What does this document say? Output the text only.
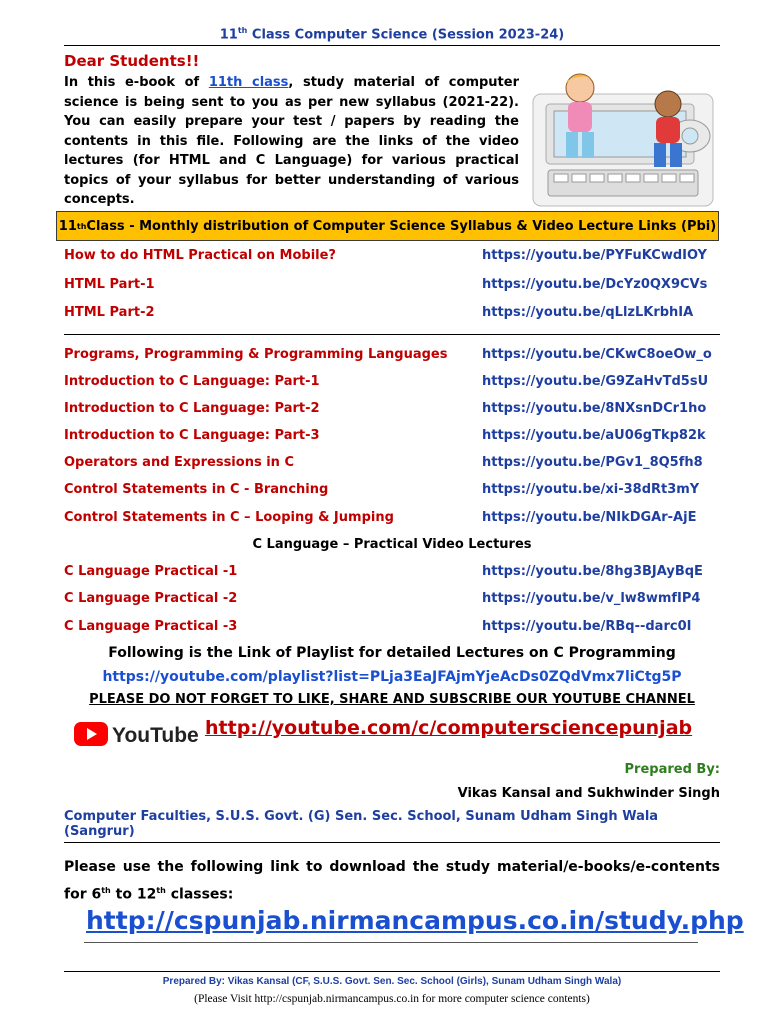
11th Class Computer Science (Session 2023-24)
Dear Students!!
In this e-book of 11th class, study material of computer science is being sent to you as per new syllabus (2021-22). You can easily prepare your test / papers by reading the contents in this file. Following are the links of the video lectures (for HTML and C Language) for various practical topics of your syllabus for better understanding of various concepts.
11 th Class - Monthly distribution of Computer Science Syllabus & Video Lecture Links (Pbi)
How to do HTML Practical on Mobile?	https://youtu.be/PYFuKCwdIOY
HTML Part-1	https://youtu.be/DcYz0QX9CVs
HTML Part-2	https://youtu.be/qLlzLKrbhIA
Programs, Programming & Programming Languages	https://youtu.be/CKwC8oeOw_o
Introduction to C Language: Part-1	https://youtu.be/G9ZaHvTd5sU
Introduction to C Language: Part-2	https://youtu.be/8NXsnDCr1ho
Introduction to C Language: Part-3	https://youtu.be/aU06gTkp82k
Operators and Expressions in C	https://youtu.be/PGv1_8Q5fh8
Control Statements in C - Branching	https://youtu.be/xi-38dRt3mY
Control Statements in C – Looping & Jumping	https://youtu.be/NIkDGAr-AjE
C Language – Practical Video Lectures
C Language Practical -1	https://youtu.be/8hg3BJAyBqE
C Language Practical -2	https://youtu.be/v_lw8wmfIP4
C Language Practical -3	https://youtu.be/RBq--darc0I
Following is the Link of Playlist for detailed Lectures on C Programming
https://youtube.com/playlist?list=PLja3EaJFAjmYjeAcDs0ZQdVmx7liCtg5P
PLEASE DO NOT FORGET TO LIKE, SHARE AND SUBSCRIBE OUR YOUTUBE CHANNEL
YouTube http://youtube.com/c/computersciencepunjab
Prepared By:
Vikas Kansal and Sukhwinder Singh
Computer Faculties, S.U.S. Govt. (G) Sen. Sec. School, Sunam Udham Singh Wala (Sangrur)
Please use the following link to download the study material/e-books/e-contents for 6th to 12th classes:
http://cspunjab.nirmancampus.co.in/study.php
Prepared By: Vikas Kansal (CF, S.U.S. Govt. Sen. Sec. School (Girls), Sunam Udham Singh Wala)
(Please Visit http://cspunjab.nirmancampus.co.in for more computer science contents)
